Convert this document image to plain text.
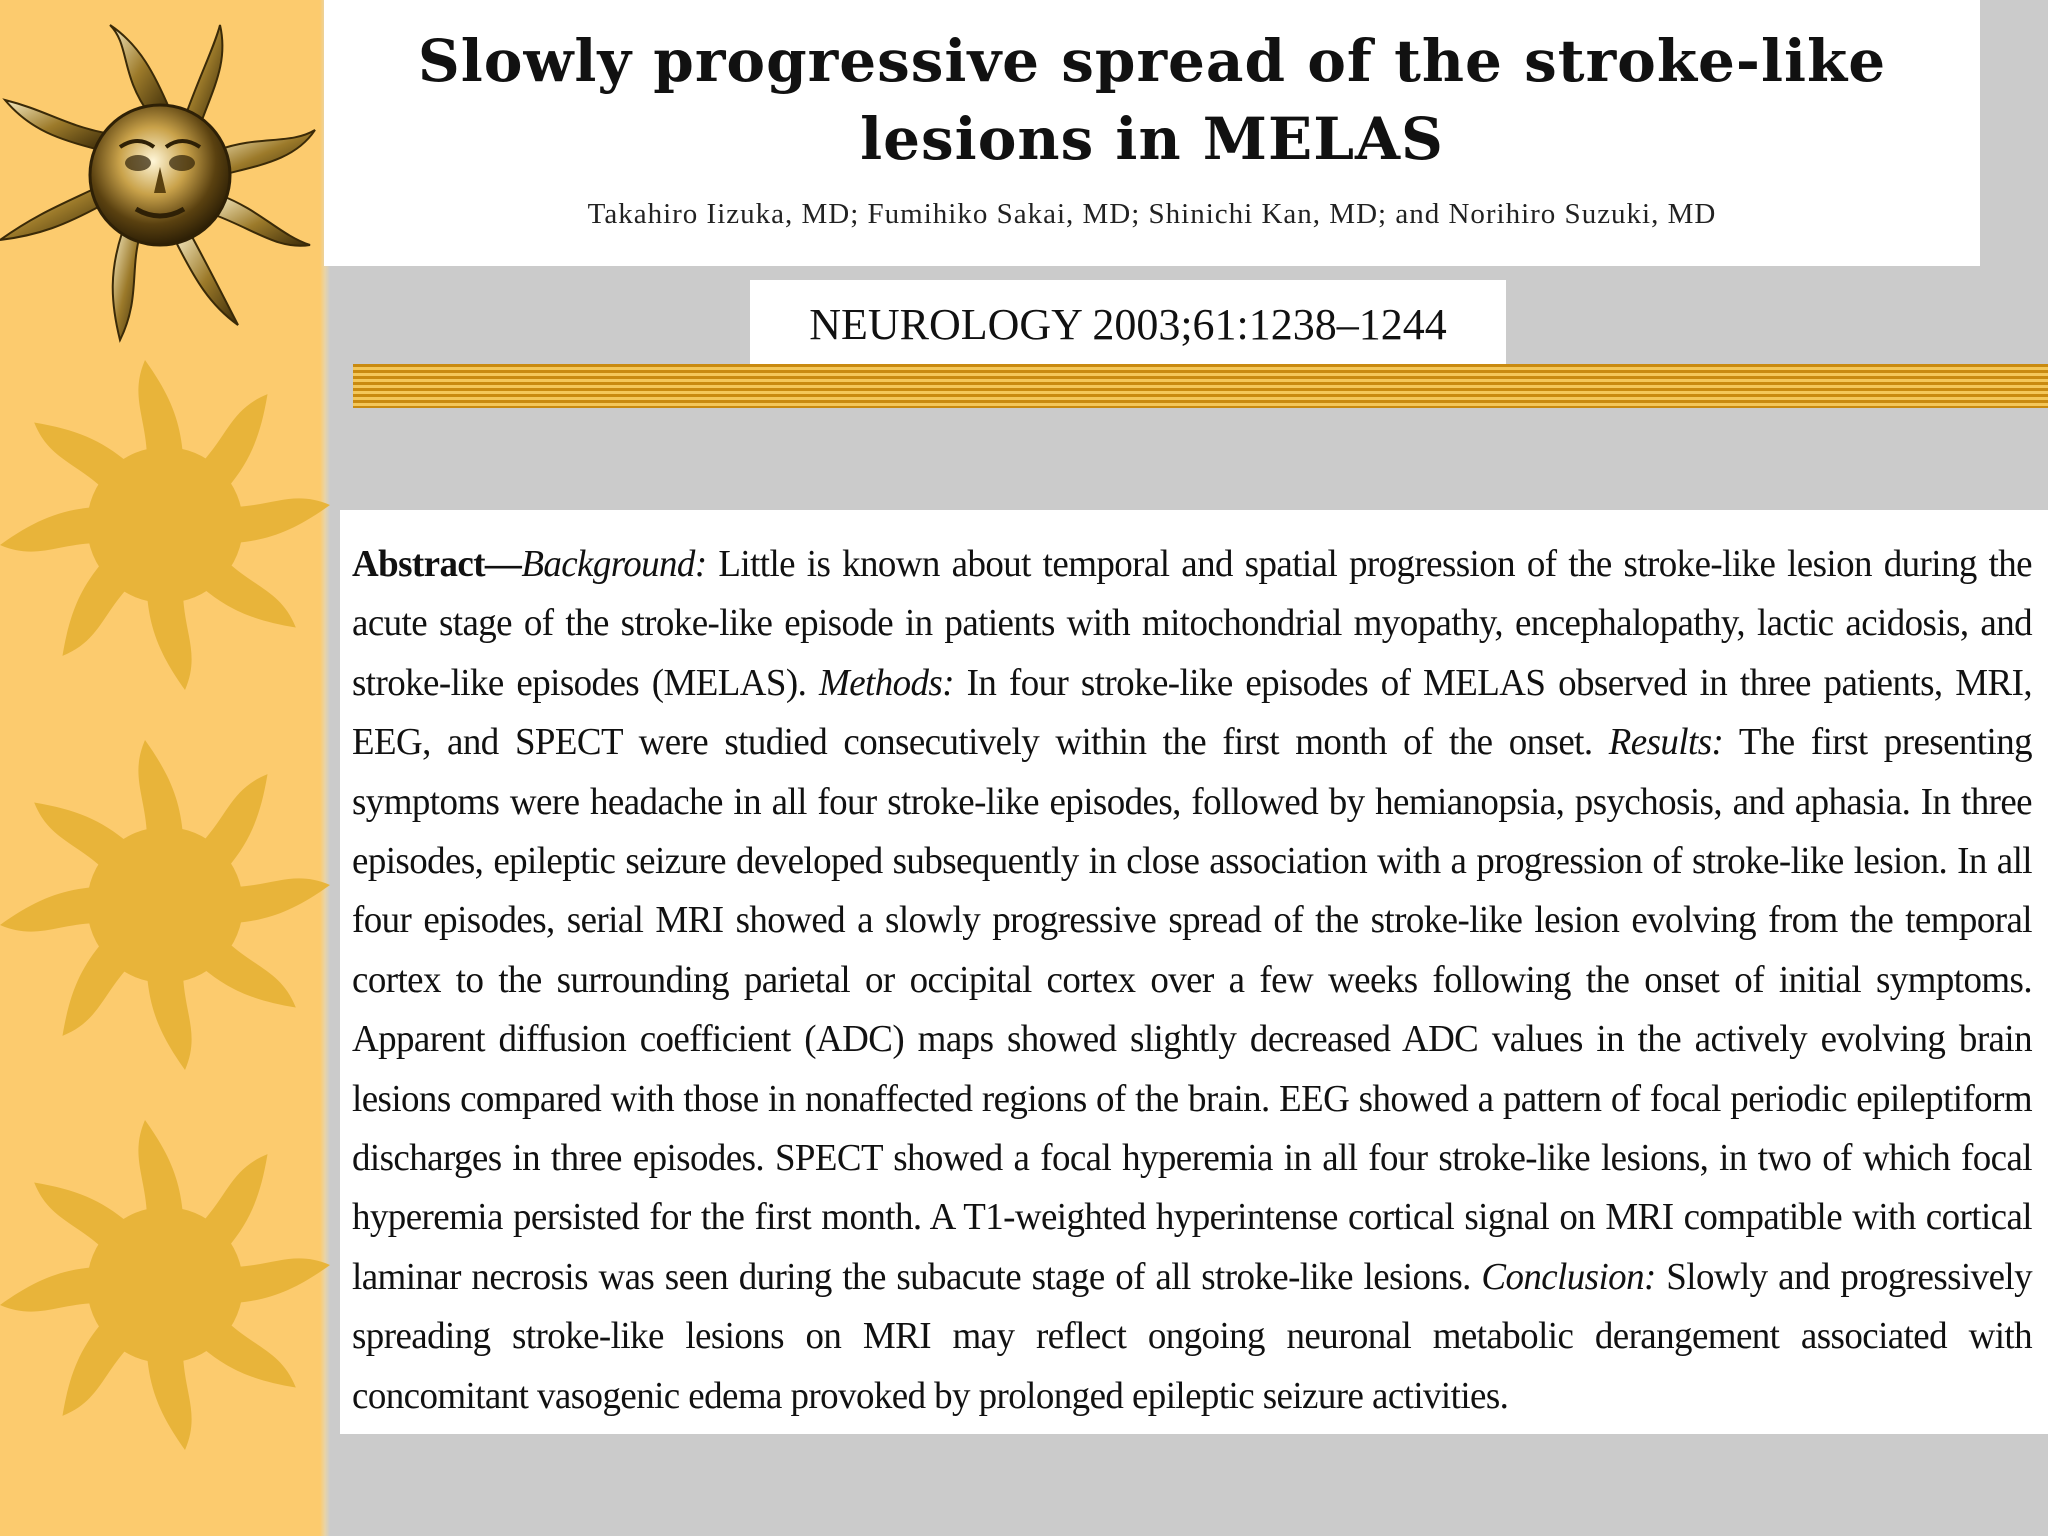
Slowly progressive spread of the stroke-like lesions in MELAS
Takahiro Iizuka, MD; Fumihiko Sakai, MD; Shinichi Kan, MD; and Norihiro Suzuki, MD
NEUROLOGY 2003;61:1238–1244

Abstract—Background: Little is known about temporal and spatial progression of the stroke-like lesion during the acute stage of the stroke-like episode in patients with mitochondrial myopathy, encephalopathy, lactic acidosis, and stroke-like episodes (MELAS). Methods: In four stroke-like episodes of MELAS observed in three patients, MRI, EEG, and SPECT were studied consecutively within the first month of the onset. Results: The first presenting symptoms were headache in all four stroke-like episodes, followed by hemianopsia, psychosis, and aphasia. In three episodes, epileptic seizure developed subsequently in close association with a progression of stroke-like lesion. In all four episodes, serial MRI showed a slowly progressive spread of the stroke-like lesion evolving from the temporal cortex to the surrounding parietal or occipital cortex over a few weeks following the onset of initial symptoms. Apparent diffusion coefficient (ADC) maps showed slightly decreased ADC values in the actively evolving brain lesions compared with those in nonaffected regions of the brain. EEG showed a pattern of focal periodic epileptiform discharges in three episodes. SPECT showed a focal hyperemia in all four stroke-like lesions, in two of which focal hyperemia persisted for the first month. A T1-weighted hyperintense cortical signal on MRI compatible with cortical laminar necrosis was seen during the subacute stage of all stroke-like lesions. Conclusion: Slowly and progressively spreading stroke-like lesions on MRI may reflect ongoing neuronal metabolic derangement associated with concomitant vasogenic edema provoked by prolonged epileptic seizure activities.
